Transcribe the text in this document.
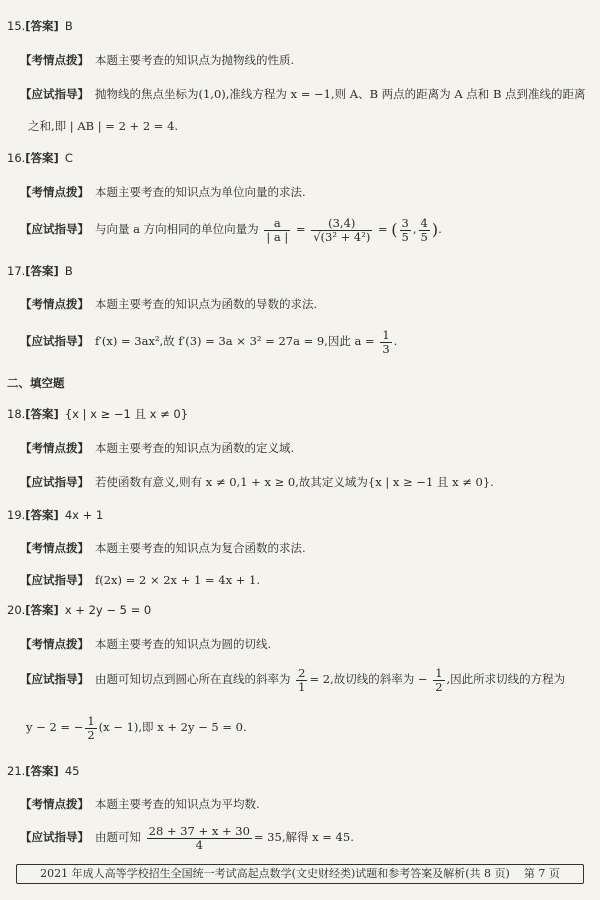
15.[答案] B
【考情点拨】 本题主要考查的知识点为抛物线的性质.
【应试指导】 抛物线的焦点坐标为(1,0),准线方程为 x = −1,则 A、B 两点的距离为 A 点和 B 点到准线的距离
之和,即 | AB | = 2 + 2 = 4.
16.[答案] C
【考情点拨】 本题主要考查的知识点为单位向量的求法.
【应试指导】 与向量 a 方向相同的单位向量为 $\frac{a}{| a |} = \frac{(3,4)}{\text{√(3² + 4²)}}$ = ( $\frac{3}{5}$ , $\frac{4}{5}$ ).
17.[答案] B
【考情点拨】 本题主要考查的知识点为函数的导数的求法.
【应试指导】 f′(x) = 3ax²,故 f′(3) = 3a × 3² = 27a = 9,因此 $a = \frac{1}{3}$ .
二、填空题
18.[答案] {x | x ≥ −1 且 x ≠ 0}
【考情点拨】 本题主要考查的知识点为函数的定义域.
【应试指导】 若使函数有意义,则有 x ≠ 0,1 + x ≥ 0,故其定义域为{x | x ≥ −1 且 x ≠ 0}.
19.[答案] 4x + 1
【考情点拨】 本题主要考查的知识点为复合函数的求法.
【应试指导】 f(2x) = 2 × 2x + 1 = 4x + 1.
20.[答案] x + 2y − 5 = 0
【考情点拨】 本题主要考查的知识点为圆的切线.
【应试指导】 由题可知切点到圆心所在直线的斜率为 $\frac{2}{1} = 2$,故切线的斜率为 − $\frac{1}{2}$ ,因此所求切线的方程为
y − 2 = − $\frac{1}{2} (x - 1)$,即 x + 2y − 5 = 0.
21.[答案] 45
【考情点拨】 本题主要考查的知识点为平均数.
【应试指导】 由题可知 $\frac{28 + 37 + x + 30}{4} = 35$,解得 x = 45.
2021 年成人高等学校招生全国统一考试高起点数学(文史财经类)试题和参考答案及解析(共 8 页) 第 7 页
